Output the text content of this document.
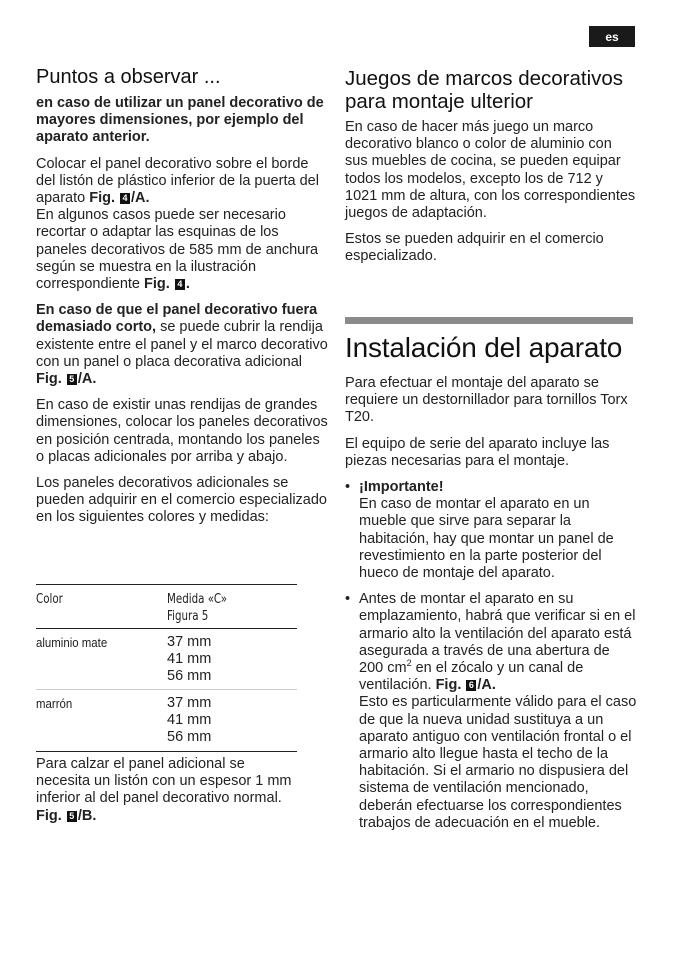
es
Puntos a observar ...

en caso de utilizar un panel decorativo de mayores dimensiones, por ejemplo del aparato anterior.

Colocar el panel decorativo sobre el borde del listón de plástico inferior de la puerta del aparato Fig. 4 /A.
En algunos casos puede ser necesario recortar o adaptar las esquinas de los paneles decorativos de 585 mm de anchura según se muestra en la ilustración correspondiente Fig. 4 .

En caso de que el panel decorativo fuera demasiado corto, se puede cubrir la rendija existente entre el panel y el marco decorativo con un panel o placa decorativa adicional Fig. 5 /A.

En caso de existir unas rendijas de grandes dimensiones, colocar los paneles decorativos en posición centrada, montando los paneles o placas adicionales por arriba y abajo.

Los paneles decorativos adicionales se pueden adquirir en el comercio especializado en los siguientes colores y medidas:

Color	Medida «C»
Figura 5
aluminio mate	37 mm
41 mm
56 mm
marrón	37 mm
41 mm
56 mm

Para calzar el panel adicional se necesita un listón con un espesor 1 mm inferior al del panel decorativo normal. Fig. 5 /B.

Juegos de marcos decorativos para montaje ulterior

En caso de hacer más juego un marco decorativo blanco o color de aluminio con sus muebles de cocina, se pueden equipar todos los modelos, excepto los de 712 y 1021 mm de altura, con los correspondientes juegos de adaptación.

Estos se pueden adquirir en el comercio especializado.

Instalación del aparato

Para efectuar el montaje del aparato se requiere un destornillador para tornillos Torx T20.

El equipo de serie del aparato incluye las piezas necesarias para el montaje.

• ¡Importante!
En caso de montar el aparato en un mueble que sirve para separar la habitación, hay que montar un panel de revestimiento en la parte posterior del hueco de montaje del aparato.

• Antes de montar el aparato en su emplazamiento, habrá que verificar si en el armario alto la ventilación del aparato está asegurada a través de una abertura de 200 $cm^2$ en el zócalo y un canal de ventilación. Fig. 6 /A.
Esto es particularmente válido para el caso de que la nueva unidad sustituya a un aparato antiguo con ventilación frontal o el armario alto llegue hasta el techo de la habitación. Si el armario no dispusiera del sistema de ventilación mencionado, deberán efectuarse los correspondientes trabajos de adecuación en el mueble.
